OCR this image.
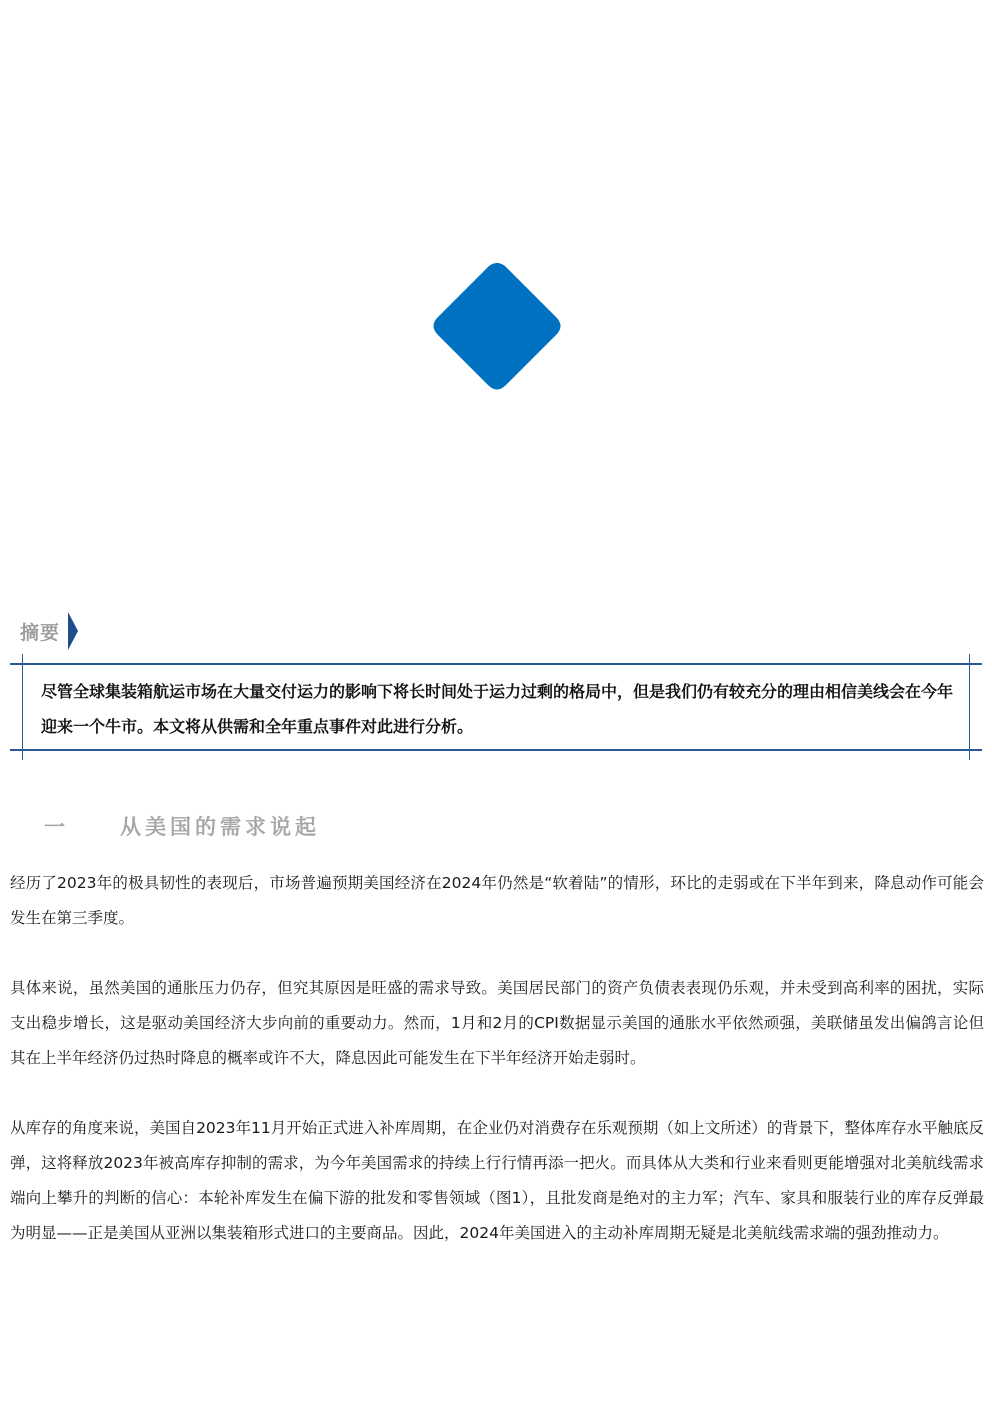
摘要
尽管全球集装箱航运市场在大量交付运力的影响下将长时间处于运力过剩的格局中，但是我们仍有较充分的理由相信美线会在今年迎来一个牛市。本文将从供需和全年重点事件对此进行分析。
一	从美国的需求说起

经历了2023年的极具韧性的表现后，市场普遍预期美国经济在2024年仍然是“软着陆”的情形，环比的走弱或在下半年到来，降息动作可能会发生在第三季度。

具体来说，虽然美国的通胀压力仍存，但究其原因是旺盛的需求导致。美国居民部门的资产负债表表现仍乐观，并未受到高利率的困扰，实际支出稳步增长，这是驱动美国经济大步向前的重要动力。然而，1月和2月的CPI数据显示美国的通胀水平依然顽强，美联储虽发出偏鸽言论但其在上半年经济仍过热时降息的概率或许不大，降息因此可能发生在下半年经济开始走弱时。

从库存的角度来说，美国自2023年11月开始正式进入补库周期，在企业仍对消费存在乐观预期（如上文所述）的背景下，整体库存水平触底反弹，这将释放2023年被高库存抑制的需求，为今年美国需求的持续上行行情再添一把火。而具体从大类和行业来看则更能增强对北美航线需求端向上攀升的判断的信心：本轮补库发生在偏下游的批发和零售领域（图1），且批发商是绝对的主力军；汽车、家具和服装行业的库存反弹最为明显——正是美国从亚洲以集装箱形式进口的主要商品。因此，2024年美国进入的主动补库周期无疑是北美航线需求端的强劲推动力。
